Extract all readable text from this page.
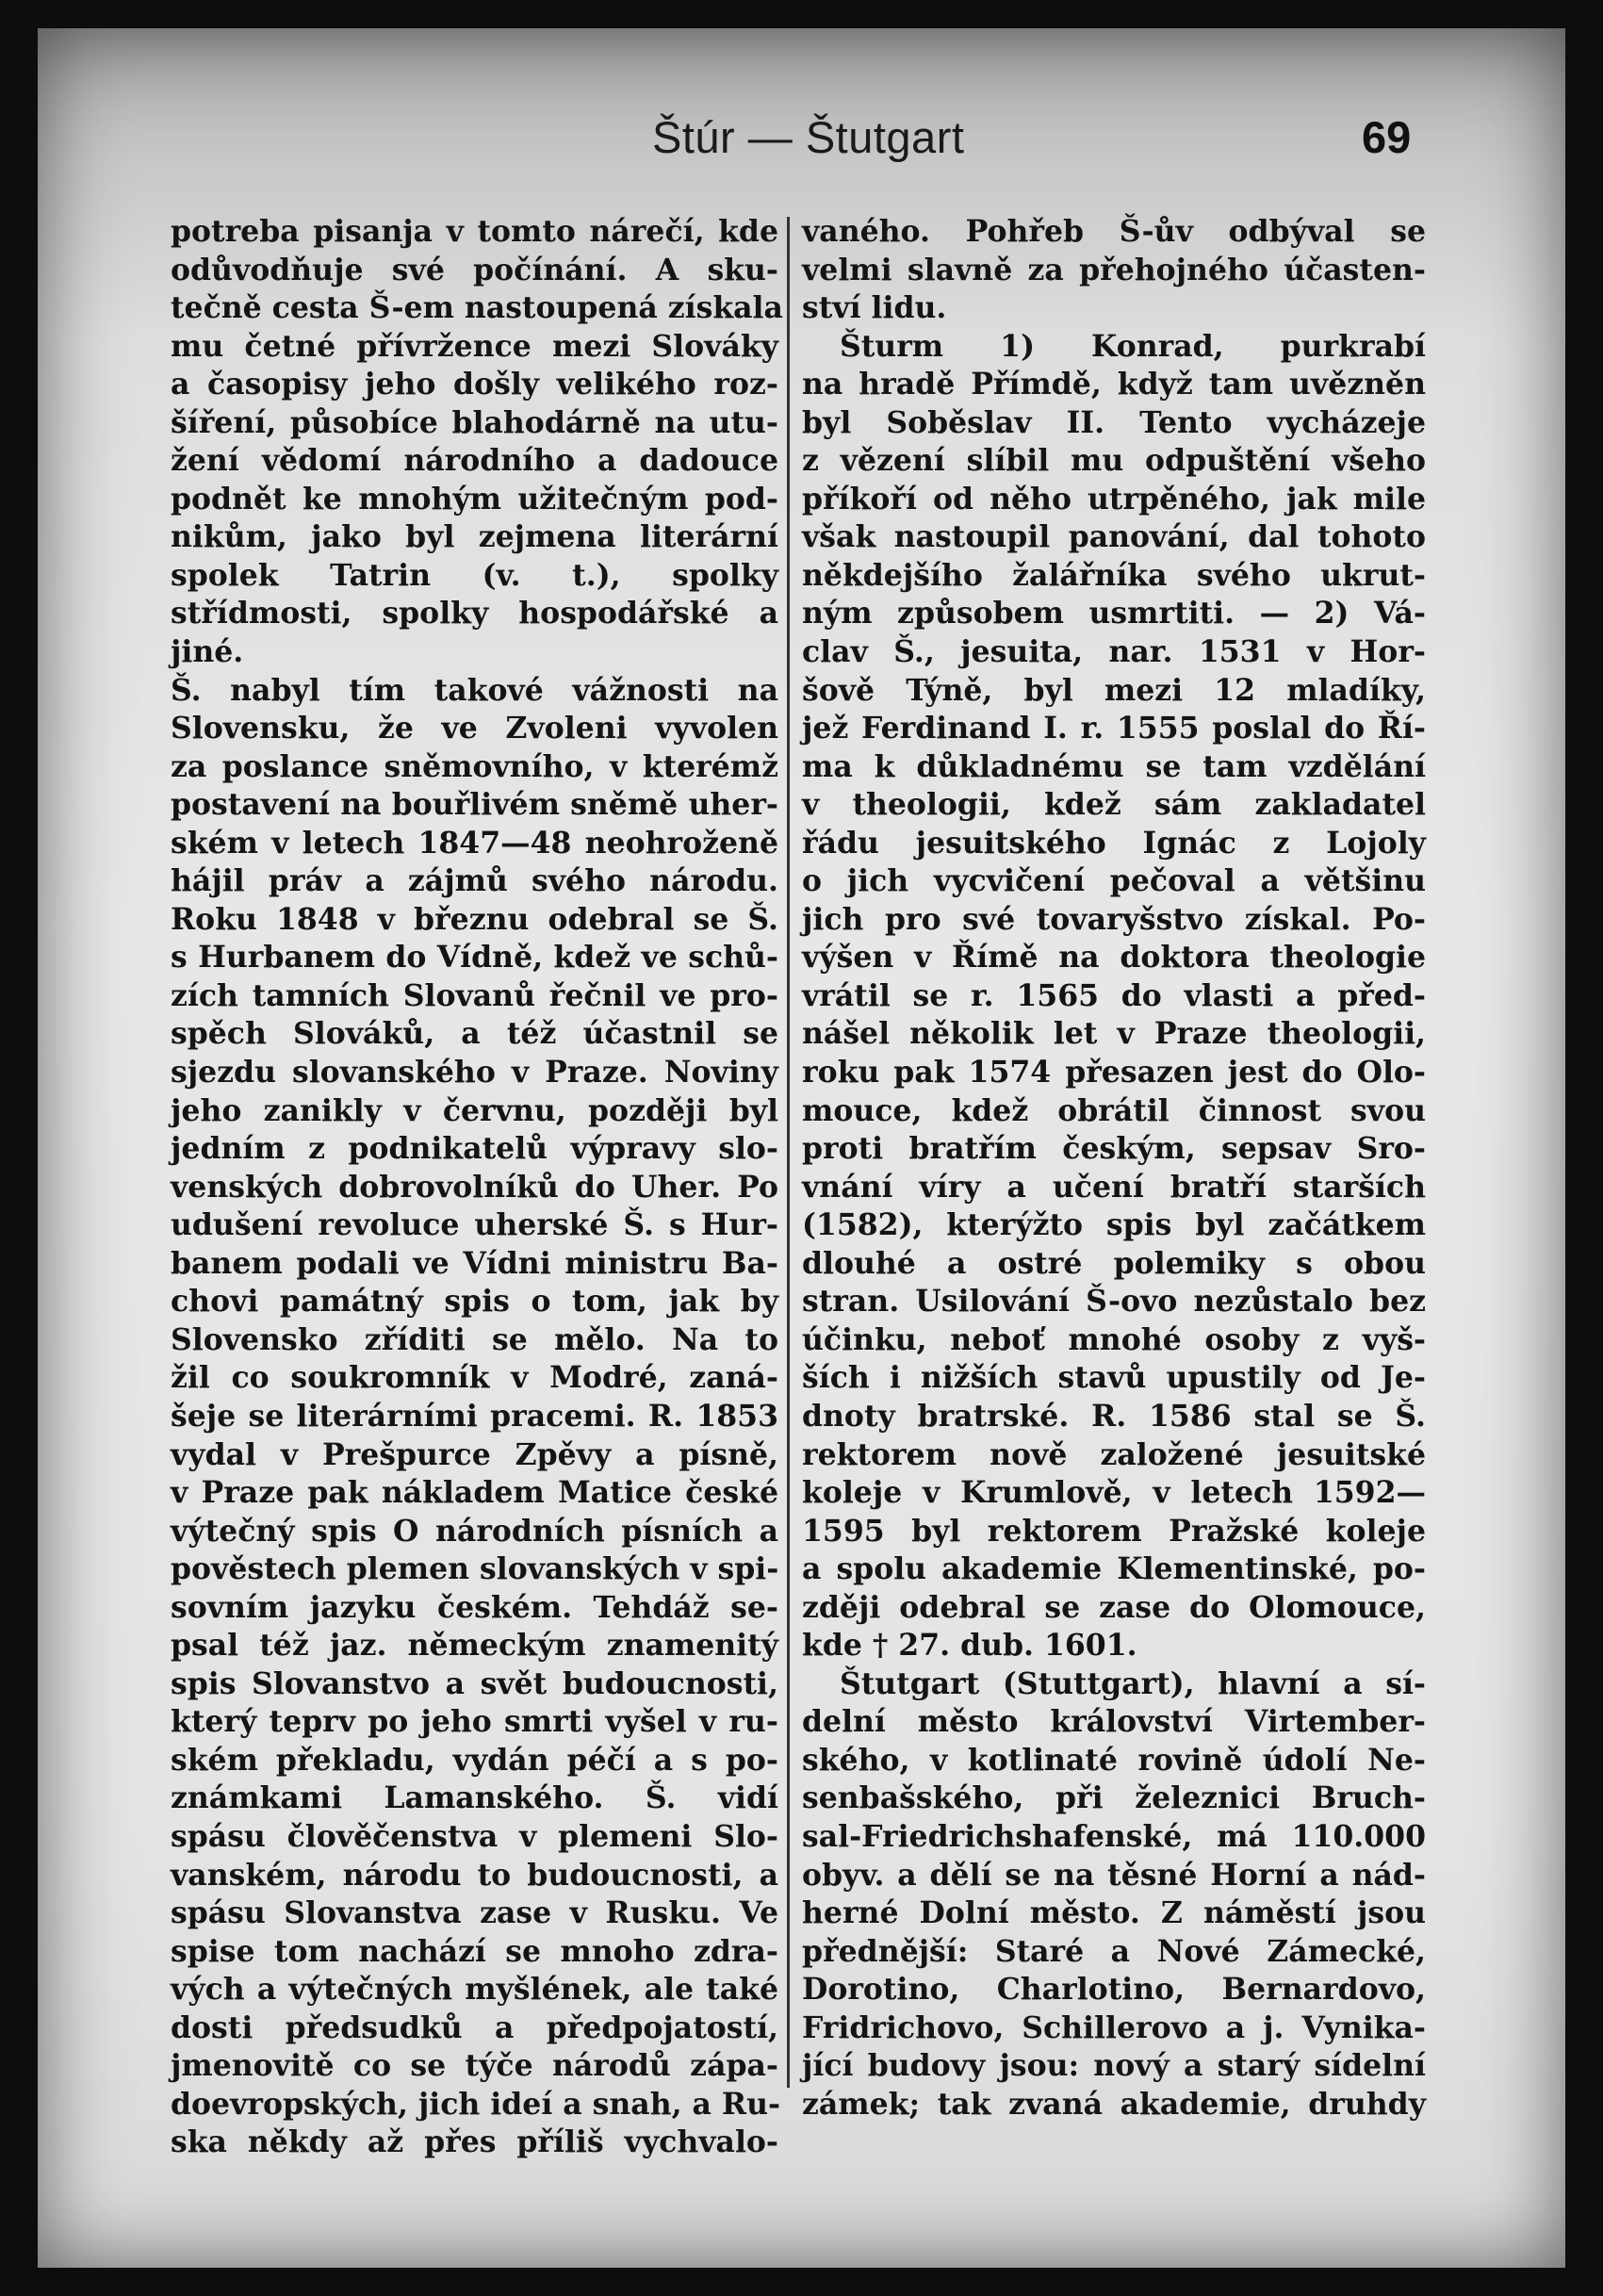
Štúr — Štutgart	69
potreba pisanja v tomto nárečí, kde
odůvodňuje své počínání. A sku-
tečně cesta Š-em nastoupená získala
mu četné přívržence mezi Slováky
a časopisy jeho došly velikého roz-
šíření, působíce blahodárně na utu-
žení vědomí národního a dadouce
podnět ke mnohým užitečným pod-
nikům, jako byl zejmena literární
spolek Tatrin (v. t.), spolky střídmosti, spolky hospodářské a jiné.
Š. nabyl tím takové vážnosti na
Slovensku, že ve Zvoleni vyvolen
za poslance sněmovního, v kterémž
postavení na bouřlivém sněmě uher-
ském v letech 1847—48 neohroženě
hájil práv a zájmů svého národu.
Roku 1848 v březnu odebral se Š.
s Hurbanem do Vídně, kdež ve schů-
zích tamních Slovanů řečnil ve pro-
spěch Slováků, a též účastnil se
sjezdu slovanského v Praze. Noviny
jeho zanikly v červnu, později byl
jedním z podnikatelů výpravy slo-
venských dobrovolníků do Uher. Po
udušení revoluce uherské Š. s Hur-
banem podali ve Vídni ministru Ba-
chovi památný spis o tom, jak by
Slovensko zříditi se mělo. Na to
žil co soukromník v Modré, zaná-
šeje se literárními pracemi. R. 1853
vydal v Prešpurce Zpěvy a písně,
v Praze pak nákladem Matice české
výtečný spis O národních písních a
pověstech plemen slovanských v spi-
sovním jazyku českém. Tehdáž se-
psal též jaz. německým znamenitý
spis Slovanstvo a svět budoucnosti,
který teprv po jeho smrti vyšel v ru-
ském překladu, vydán péčí a s po-
známkami Lamanského. Š. vidí
spásu člověčenstva v plemeni Slo-
vanském, národu to budoucnosti, a
spásu Slovanstva zase v Rusku. Ve
spise tom nachází se mnoho zdra-
vých a výtečných myšlének, ale také
dosti předsudků a předpojatostí,
jmenovitě co se týče národů zápa-
doevropských, jich ideí a snah, a Ru-
ska někdy až přes příliš vychvalo-
vaného. Pohřeb Š-ův odbýval se
velmi slavně za přehojného účasten-
ství lidu.
Šturm 1) Konrad, purkrabí
na hradě Přímdě, když tam uvězněn
byl Soběslav II. Tento vycházeje
z vězení slíbil mu odpuštění všeho
příkoří od něho utrpěného, jak mile
však nastoupil panování, dal tohoto
někdejšího žalářníka svého ukrut-
ným způsobem usmrtiti. — 2) Vá-
clav Š., jesuita, nar. 1531 v Hor-
šově Týně, byl mezi 12 mladíky,
jež Ferdinand I. r. 1555 poslal do Ří-
ma k důkladnému se tam vzdělání
v theologii, kdež sám zakladatel
řádu jesuitského Ignác z Lojoly
o jich vycvičení pečoval a většinu
jich pro své tovaryšstvo získal. Po-
výšen v Římě na doktora theologie
vrátil se r. 1565 do vlasti a před-
nášel několik let v Praze theologii,
roku pak 1574 přesazen jest do Olo-
mouce, kdež obrátil činnost svou
proti bratřím českým, sepsav Sro-
vnání víry a učení bratří starších
(1582), kterýžto spis byl začátkem
dlouhé a ostré polemiky s obou
stran. Usilování Š-ovo nezůstalo bez
účinku, neboť mnohé osoby z vyš-
ších i nižších stavů upustily od Je-
dnoty bratrské. R. 1586 stal se Š.
rektorem nově založené jesuitské
koleje v Krumlově, v letech 1592—
1595 byl rektorem Pražské koleje
a spolu akademie Klementinské, po-
zději odebral se zase do Olomouce,
kde † 27. dub. 1601.
Štutgart (Stuttgart), hlavní a sí-
delní město království Virtember-
ského, v kotlinaté rovině údolí Ne-
senbašského, při železnici Bruch-
sal-Friedrichshafenské, má 110.000
obyv. a dělí se na těsné Horní a nád-
herné Dolní město. Z náměstí jsou
přednější: Staré a Nové Zámecké,
Dorotino, Charlotino, Bernardovo,
Fridrichovo, Schillerovo a j. Vynika-
jící budovy jsou: nový a starý sídelní
zámek; tak zvaná akademie, druhdy
